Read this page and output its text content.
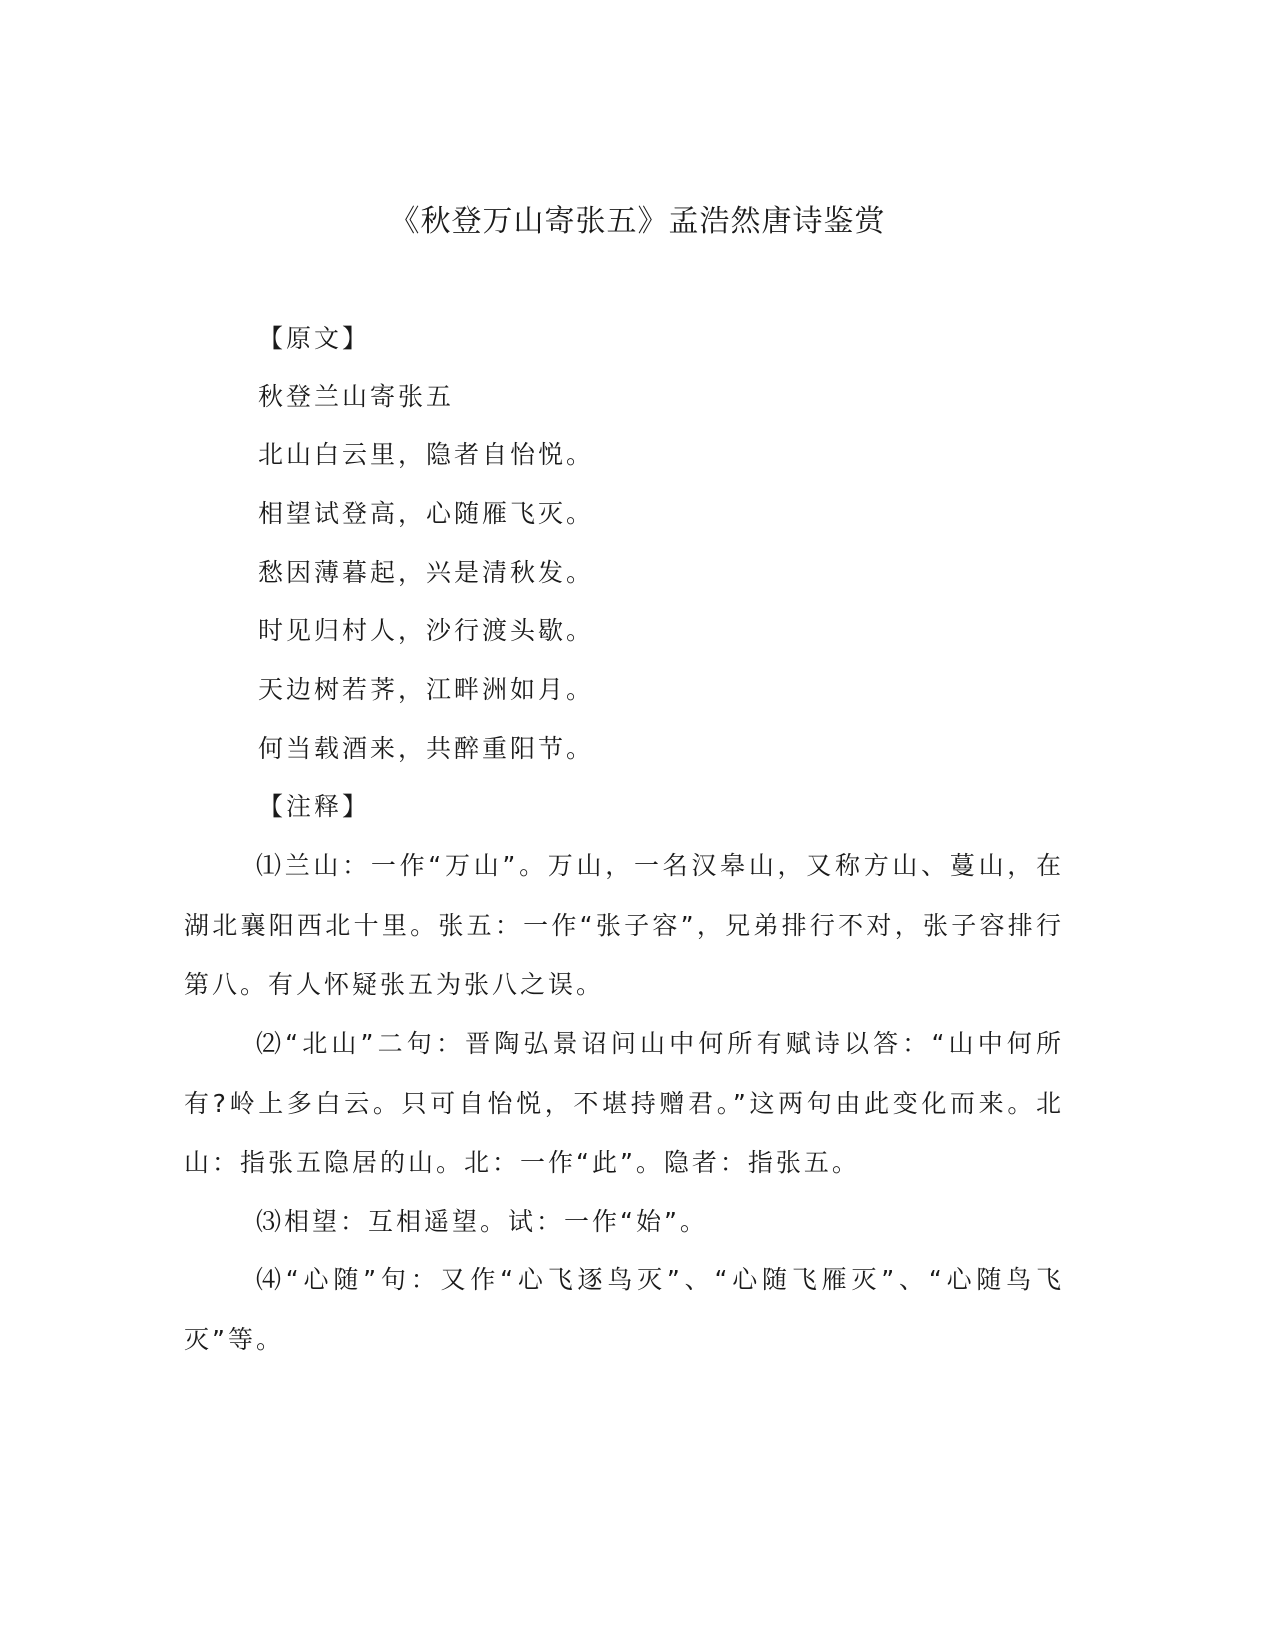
《秋登万山寄张五》孟浩然唐诗鉴赏
【原文】
秋登兰山寄张五
北山白云里，隐者自怡悦。
相望试登高，心随雁飞灭。
愁因薄暮起，兴是清秋发。
时见归村人，沙行渡头歇。
天边树若荠，江畔洲如月。
何当载酒来，共醉重阳节。
【注释】
⑴兰山：一作“万山”。万山，一名汉皋山，又称方山、蔓山，在湖北襄阳西北十里。张五：一作“张子容”，兄弟排行不对，张子容排行第八。有人怀疑张五为张八之误。
⑵“北山”二句：晋陶弘景诏问山中何所有赋诗以答：“山中何所有?岭上多白云。只可自怡悦，不堪持赠君。”这两句由此变化而来。北山：指张五隐居的山。北：一作“此”。隐者：指张五。
⑶相望：互相遥望。试：一作“始”。
⑷“心随”句：又作“心飞逐鸟灭”、“心随飞雁灭”、“心随鸟飞灭”等。
